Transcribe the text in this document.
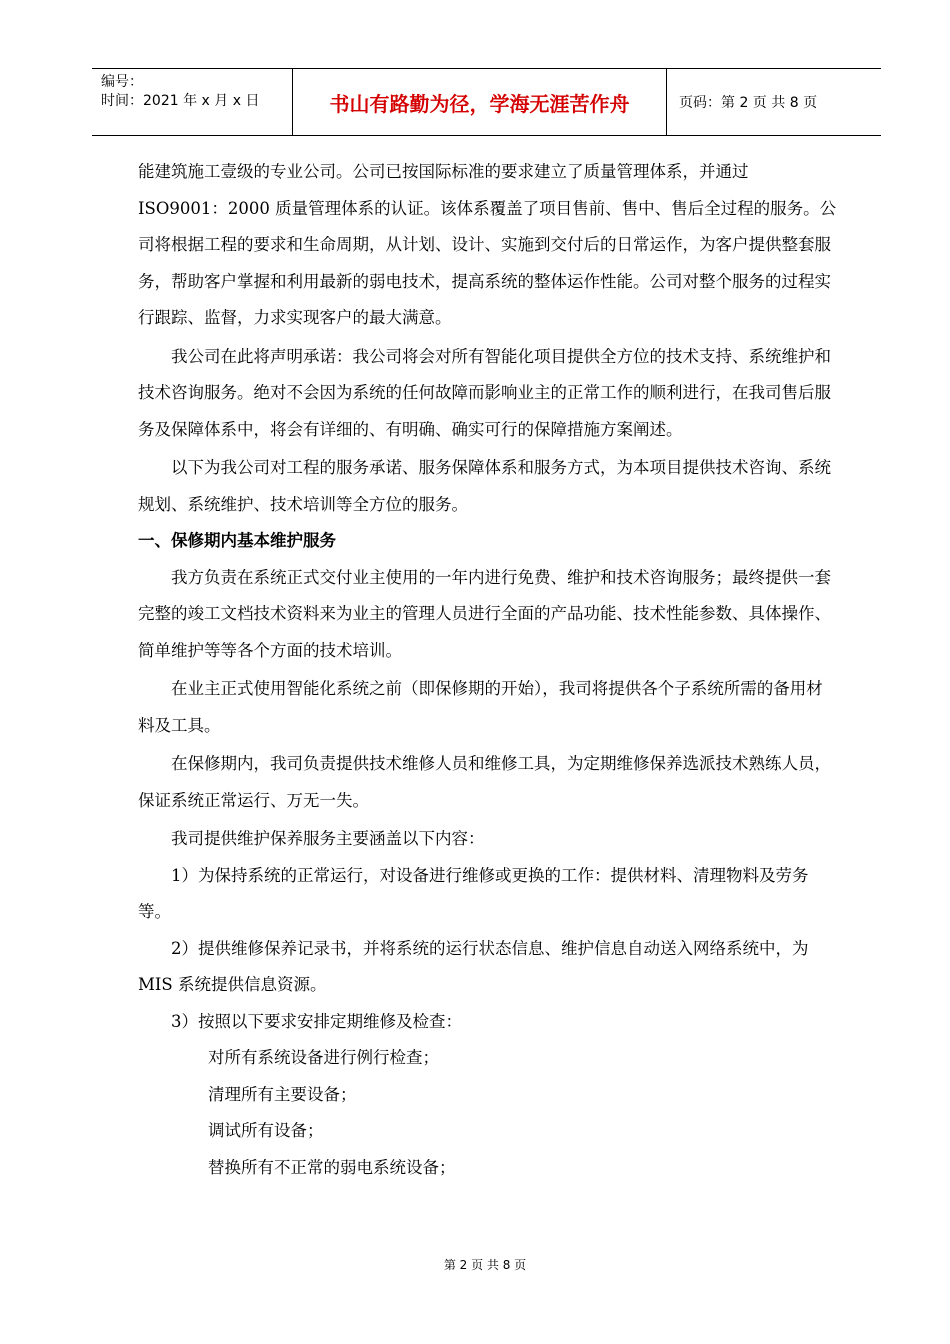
编号：
时间：2021 年 x 月 x 日	书山有路勤为径，学海无涯苦作舟	页码：第 2 页 共 8 页

能建筑施工壹级的专业公司。公司已按国际标准的要求建立了质量管理体系，并通过 ISO9001：2000 质量管理体系的认证。该体系覆盖了项目售前、售中、售后全过程的服务。公司将根据工程的要求和生命周期，从计划、设计、实施到交付后的日常运作，为客户提供整套服务，帮助客户掌握和利用最新的弱电技术，提高系统的整体运作性能。公司对整个服务的过程实行跟踪、监督，力求实现客户的最大满意。

我公司在此将声明承诺：我公司将会对所有智能化项目提供全方位的技术支持、系统维护和技术咨询服务。绝对不会因为系统的任何故障而影响业主的正常工作的顺利进行，在我司售后服务及保障体系中，将会有详细的、有明确、确实可行的保障措施方案阐述。

以下为我公司对工程的服务承诺、服务保障体系和服务方式，为本项目提供技术咨询、系统规划、系统维护、技术培训等全方位的服务。

一、保修期内基本维护服务

我方负责在系统正式交付业主使用的一年内进行免费、维护和技术咨询服务；最终提供一套完整的竣工文档技术资料来为业主的管理人员进行全面的产品功能、技术性能参数、具体操作、简单维护等等各个方面的技术培训。

在业主正式使用智能化系统之前（即保修期的开始），我司将提供各个子系统所需的备用材料及工具。

在保修期内，我司负责提供技术维修人员和维修工具，为定期维修保养选派技术熟练人员，保证系统正常运行、万无一失。

我司提供维护保养服务主要涵盖以下内容：

1）为保持系统的正常运行，对设备进行维修或更换的工作：提供材料、清理物料及劳务等。

2）提供维修保养记录书，并将系统的运行状态信息、维护信息自动送入网络系统中，为 MIS 系统提供信息资源。

3）按照以下要求安排定期维修及检查：

对所有系统设备进行例行检查；

清理所有主要设备；

调试所有设备；

替换所有不正常的弱电系统设备；

第 2 页 共 8 页
